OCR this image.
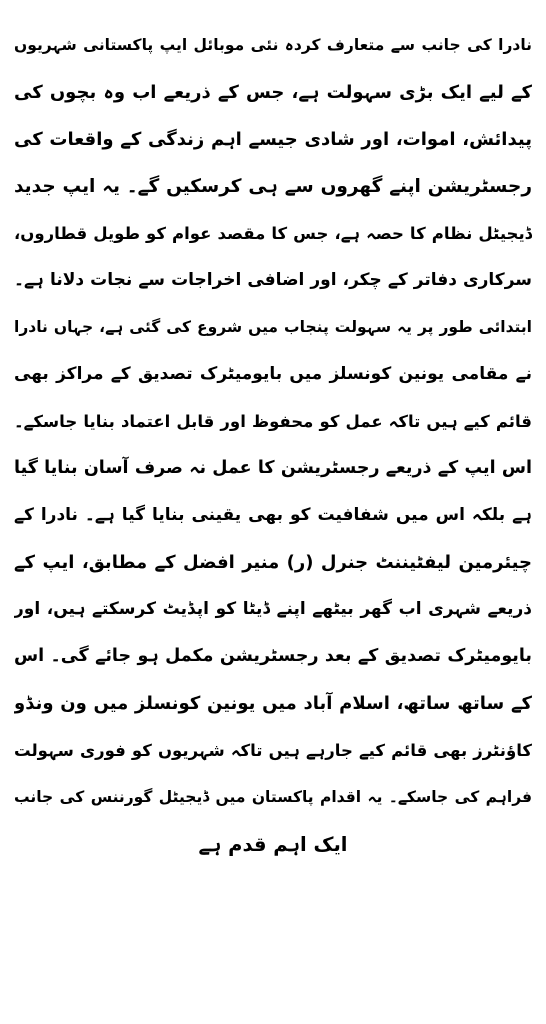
نادرا کی جانب سے متعارف کردہ نئی موبائل ایپ پاکستانی شہریوں
کے لیے ایک بڑی سہولت ہے، جس کے ذریعے اب وہ بچوں کی
پیدائش، اموات، اور شادی جیسے اہم زندگی کے واقعات کی
رجسٹریشن اپنے گھروں سے ہی کرسکیں گے۔ یہ ایپ جدید
ڈیجیٹل نظام کا حصہ ہے، جس کا مقصد عوام کو طویل قطاروں،
سرکاری دفاتر کے چکر، اور اضافی اخراجات سے نجات دلانا ہے۔
ابتدائی طور پر یہ سہولت پنجاب میں شروع کی گئی ہے، جہاں نادرا
نے مقامی یونین کونسلز میں بایومیٹرک تصدیق کے مراکز بھی
قائم کیے ہیں تاکہ عمل کو محفوظ اور قابل اعتماد بنایا جاسکے۔
اس ایپ کے ذریعے رجسٹریشن کا عمل نہ صرف آسان بنایا گیا
ہے بلکہ اس میں شفافیت کو بھی یقینی بنایا گیا ہے۔ نادرا کے
چیئرمین لیفٹیننٹ جنرل (ر) منیر افضل کے مطابق، ایپ کے
ذریعے شہری اب گھر بیٹھے اپنے ڈیٹا کو اپڈیٹ کرسکتے ہیں، اور
بایومیٹرک تصدیق کے بعد رجسٹریشن مکمل ہو جائے گی۔ اس
کے ساتھ ساتھ، اسلام آباد میں یونین کونسلز میں ون ونڈو
کاؤنٹرز بھی قائم کیے جارہے ہیں تاکہ شہریوں کو فوری سہولت
فراہم کی جاسکے۔ یہ اقدام پاکستان میں ڈیجیٹل گورننس کی جانب
ایک اہم قدم ہے
